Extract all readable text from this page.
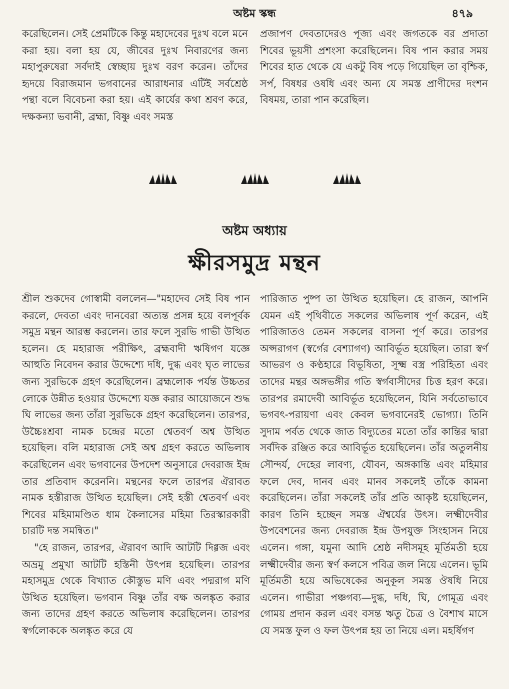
অষ্টম স্কন্ধ	৪৭৯

করেছিলেন। সেই প্রেমটিকে কিন্তু মহাদেবের দুঃখ বলে মনে করা হয়। বলা হয় যে, জীবের দুঃখ নিবারণের জন্য মহাপুরুষেরা সর্বদাই স্বেচ্ছায় দুঃখ বরণ করেন। তাঁদের হৃদয়ে বিরাজমান ভগবানের আরাধনার এটিই সর্বশ্রেষ্ঠ পন্থা বলে বিবেচনা করা হয়। এই কার্যের কথা শ্রবণ করে, দক্ষকন্যা ভবানী, ব্রহ্মা, বিষ্ণু এবং সমস্ত

প্রজাপণ দেবতাদেরও পূজ্য এবং জগতকে বর প্রদাতা শিবের ভূয়সী প্রশংসা করেছিলেন। বিষ পান করার সময় শিবের হাত থেকে যে একটু বিষ পড়ে গিয়েছিল তা বৃশ্চিক, সর্প, বিষধর ওষধি এবং অন্য যে সমস্ত প্রাণীদের দংশন বিষময়, তারা পান করেছিল।

অষ্টম অধ্যায়
ক্ষীরসমুদ্র মন্থন

শ্রীল শুকদেব গোস্বামী বললেন—"মহাদেব সেই বিষ পান করলে, দেবতা এবং দানবেরা অত্যন্ত প্রসন্ন হয়ে বলপূর্বক সমুদ্র মন্থন আরম্ভ করলেন। তার ফলে সুরভি গাভী উত্থিত হলেন। হে মহারাজ পরীক্ষিৎ, ব্রহ্মবাদী ঋষিগণ যজ্ঞে আহুতি নিবেদন করার উদ্দেশ্যে দধি, দুগ্ধ এবং ঘৃত লাভের জন্য সুরভিকে গ্রহণ করেছিলেন। ব্রহ্মলোক পর্যন্ত উচ্চতর লোকে উন্নীত হওয়ার উদ্দেশ্যে যজ্ঞ করার আয়োজনে শুদ্ধ ঘি লাভের জন্য তাঁরা সুরভিকে গ্রহণ করেছিলেন। তারপর, উচ্চৈঃশ্রবা নামক চন্দ্রের মতো শ্বেতবর্ণ অশ্ব উত্থিত হয়েছিল। বলি মহারাজ সেই অশ্ব গ্রহণ করতে অভিলাষ করেছিলেন এবং ভগবানের উপদেশ অনুসারে দেবরাজ ইন্দ্র তার প্রতিবাদ করেননি। মন্থনের ফলে তারপর ঐরাবত নামক হস্তীরাজ উত্থিত হয়েছিল। সেই হস্তী শ্বেতবর্ণ এবং শিবের মহিমামণ্ডিত ধাম কৈলাসের মহিমা তিরস্কারকারী চারটি দন্ত সমন্বিত।"

"হে রাজন, তারপর, ঐরাবণ আদি আটটি দিগ্গজ এবং অভ্রমু প্রমুখা আটটি হস্তিনী উৎপন্ন হয়েছিল। তারপর মহাসমুদ্র থেকে বিখ্যাত কৌস্তুভ মণি এবং পদ্মরাগ মণি উত্থিত হয়েছিল। ভগবান বিষ্ণু তাঁর বক্ষ অলঙ্কৃত করার জন্য তাদের গ্রহণ করতে অভিলাষ করেছিলেন। তারপর স্বর্গলোককে অলঙ্কৃত করে যে

পারিজাত পুষ্প তা উত্থিত হয়েছিল। হে রাজন, আপনি যেমন এই পৃথিবীতে সকলের অভিলাষ পূর্ণ করেন, এই পারিজাতও তেমন সকলের বাসনা পূর্ণ করে। তারপর অপ্সরাগণ (স্বর্গের বেশ্যাগণ) আবির্ভূত হয়েছিল। তারা স্বর্ণ আভরণ ও কণ্ঠহারে বিভূষিতা, সূক্ষ্ম বস্ত্র পরিহিতা এবং তাদের মন্থর অঙ্গভঙ্গীর গতি স্বর্গবাসীদের চিত্ত হরণ করে। তারপর রমাদেবী আবির্ভূত হয়েছিলেন, যিনি সর্বতোভাবে ভগবৎ-পরায়ণা এবং কেবল ভগবানেরই ভোগ্যা। তিনি সুদাম পর্বত থেকে জাত বিদ্যুতের মতো তাঁর কান্তির দ্বারা সর্বদিক রঞ্জিত করে আবির্ভূত হয়েছিলেন। তাঁর অতুলনীয় সৌন্দর্য, দেহের লাবণ্য, যৌবন, অঙ্গকান্তি এবং মহিমার ফলে দেব, দানব এবং মানব সকলেই তাঁকে কামনা করেছিলেন। তাঁরা সকলেই তাঁর প্রতি আকৃষ্ট হয়েছিলেন, কারণ তিনি হচ্ছেন সমস্ত ঐশ্বর্যের উৎস। লক্ষ্মীদেবীর উপবেশনের জন্য দেবরাজ ইন্দ্র উপযুক্ত সিংহাসন নিয়ে এলেন। গঙ্গা, যমুনা আদি শ্রেষ্ঠ নদীসমূহ মূর্তিমতী হয়ে লক্ষ্মীদেবীর জন্য স্বর্ণ কলসে পবিত্র জল নিয়ে এলেন। ভূমি মূর্তিমতী হয়ে অভিষেকের অনুকূল সমস্ত ঔষধি নিয়ে এলেন। গাভীরা পঞ্চগব্য—দুগ্ধ, দধি, ঘি, গোমূত্র এবং গোময় প্রদান করল এবং বসন্ত ঋতু চৈত্র ও বৈশাখ মাসে যে সমস্ত ফুল ও ফল উৎপন্ন হয় তা নিয়ে এল। মহর্ষিগণ
